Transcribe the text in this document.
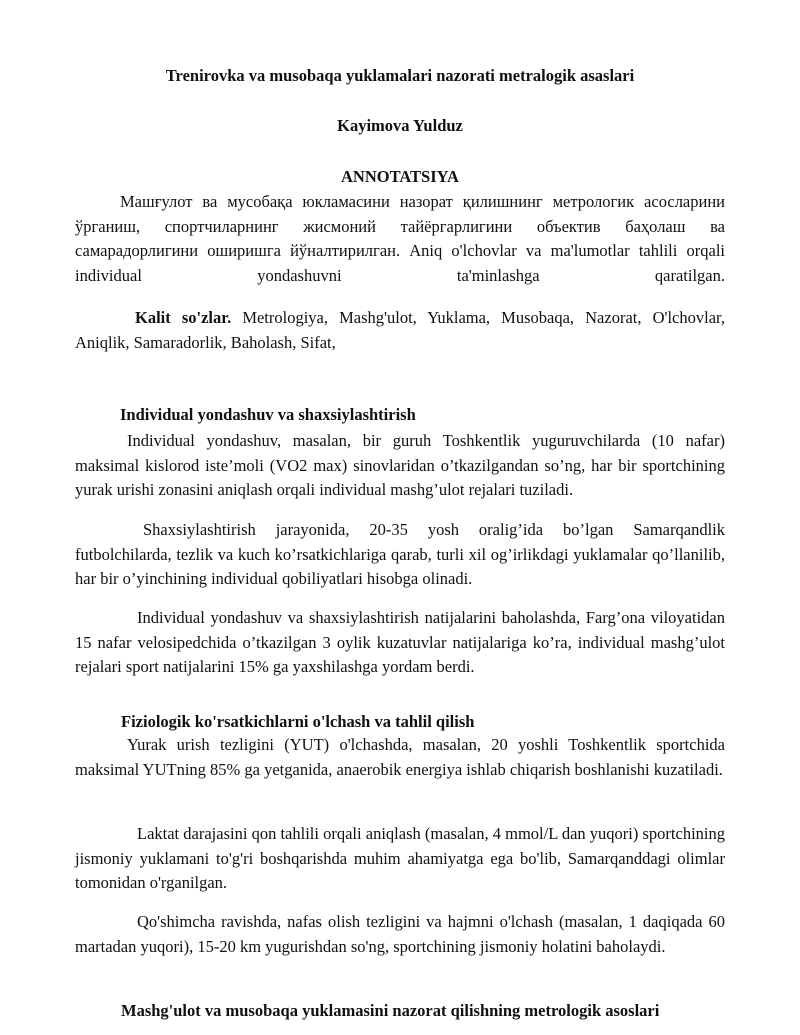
Trenirovka va musobaqa yuklamalari nazorati metralogik asaslari
Kayimova Yulduz
ANNOTATSIYA

Машғулот ва мусобақа юкламасини назорат қилишнинг метрологик асосларини ўрганиш, спортчиларнинг жисмоний тайёргарлигини объектив баҳолаш ва самарадорлигини оширишга йўналтирилган. Aniq o'lchovlar va ma'lumotlar tahlili orqali individual yondashuvni ta'minlashga qaratilgan.

Kalit so'zlar. Metrologiya, Mashg'ulot, Yuklama, Musobaqa, Nazorat, O'lchovlar, Aniqlik, Samaradorlik, Baholash, Sifat,

Individual yondashuv va shaxsiylashtirish

Individual yondashuv, masalan, bir guruh Toshkentlik yuguruvchilarda (10 nafar) maksimal kislorod iste’moli (VO2 max) sinovlaridan o’tkazilgandan so’ng, har bir sportchining yurak urishi zonasini aniqlash orqali individual mashg’ulot rejalari tuziladi.

Shaxsiylashtirish jarayonida, 20-35 yosh oralig’ida bo’lgan Samarqandlik futbolchilarda, tezlik va kuch ko’rsatkichlariga qarab, turli xil og’irlikdagi yuklamalar qo’llanilib, har bir o’yinchining individual qobiliyatlari hisobga olinadi.

Individual yondashuv va shaxsiylashtirish natijalarini baholashda, Farg’ona viloyatidan 15 nafar velosipedchida o’tkazilgan 3 oylik kuzatuvlar natijalariga ko’ra, individual mashg’ulot rejalari sport natijalarini 15% ga yaxshilashga yordam berdi.

Fiziologik ko'rsatkichlarni o'lchash va tahlil qilish

Yurak urish tezligini (YUT) o'lchashda, masalan, 20 yoshli Toshkentlik sportchida maksimal YUTning 85% ga yetganida, anaerobik energiya ishlab chiqarish boshlanishi kuzatiladi.

Laktat darajasini qon tahlili orqali aniqlash (masalan, 4 mmol/L dan yuqori) sportchining jismoniy yuklamani to'g'ri boshqarishda muhim ahamiyatga ega bo'lib, Samarqanddagi olimlar tomonidan o'rganilgan.

Qo'shimcha ravishda, nafas olish tezligini va hajmni o'lchash (masalan, 1 daqiqada 60 martadan yuqori), 15-20 km yugurishdan so'ng, sportchining jismoniy holatini baholaydi.

Mashg'ulot va musobaqa yuklamasini nazorat qilishning metrologik asoslari
